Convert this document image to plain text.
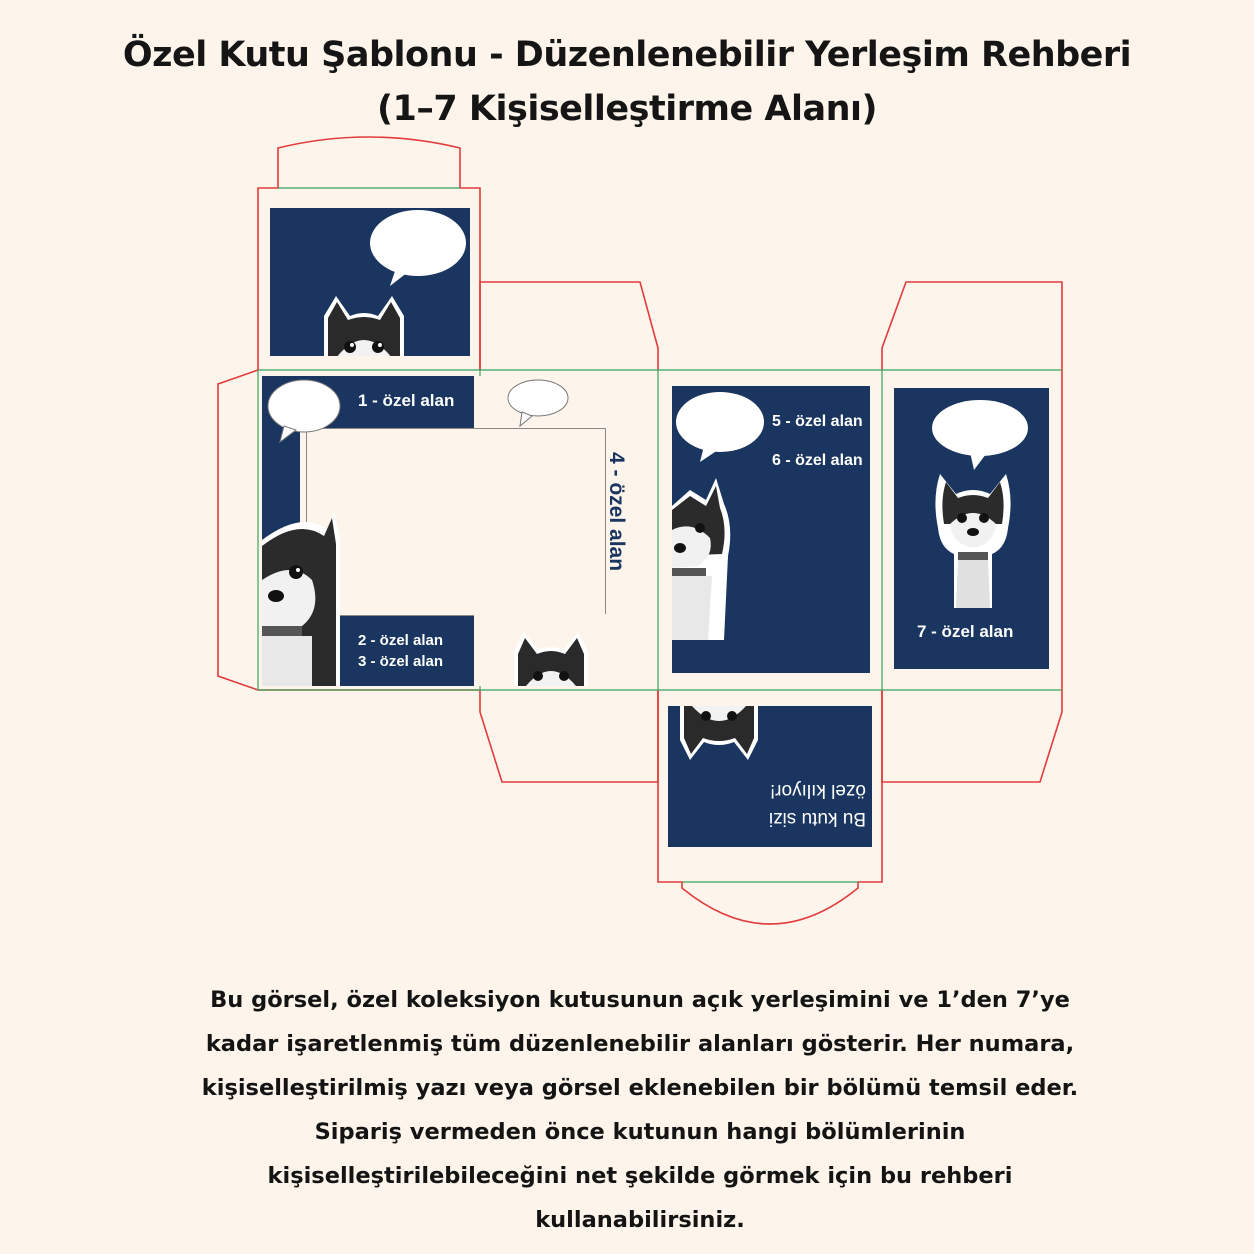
Özel Kutu Şablonu - Düzenlenebilir Yerleşim Rehberi
(1–7 Kişiselleştirme Alanı)
1 - özel alan
2 - özel alan
3 - özel alan
4 - özel alan
5 - özel alan
6 - özel alan
7 - özel alan
Bu kutu sizi
özel kılıyor!
Bu görsel, özel koleksiyon kutusunun açık yerleşimini ve 1’den 7’ye
kadar işaretlenmiş tüm düzenlenebilir alanları gösterir. Her numara,
kişiselleştirilmiş yazı veya görsel eklenebilen bir bölümü temsil eder.
Sipariş vermeden önce kutunun hangi bölümlerinin
kişiselleştirilebileceğini net şekilde görmek için bu rehberi
kullanabilirsiniz.
